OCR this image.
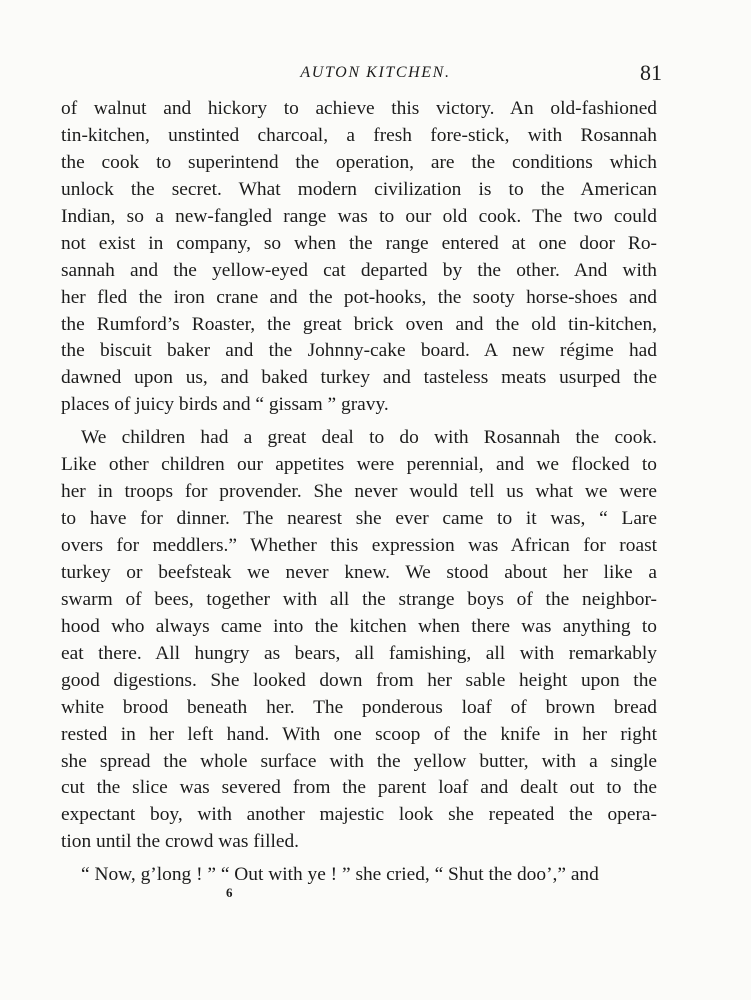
AUTON KITCHEN.	81
of walnut and hickory to achieve this victory. An old-fashioned
tin-kitchen, unstinted charcoal, a fresh fore-stick, with Rosannah
the cook to superintend the operation, are the conditions which
unlock the secret. What modern civilization is to the American
Indian, so a new-fangled range was to our old cook. The two could
not exist in company, so when the range entered at one door Ro-
sannah and the yellow-eyed cat departed by the other. And with
her fled the iron crane and the pot-hooks, the sooty horse-shoes and
the Rumford’s Roaster, the great brick oven and the old tin-kitchen,
the biscuit baker and the Johnny-cake board. A new régime had
dawned upon us, and baked turkey and tasteless meats usurped the
places of juicy birds and “ gissam ” gravy.
We children had a great deal to do with Rosannah the cook.
Like other children our appetites were perennial, and we flocked to
her in troops for provender. She never would tell us what we were
to have for dinner. The nearest she ever came to it was, “ Lare
overs for meddlers.” Whether this expression was African for roast
turkey or beefsteak we never knew. We stood about her like a
swarm of bees, together with all the strange boys of the neighbor-
hood who always came into the kitchen when there was anything to
eat there. All hungry as bears, all famishing, all with remarkably
good digestions. She looked down from her sable height upon the
white brood beneath her. The ponderous loaf of brown bread
rested in her left hand. With one scoop of the knife in her right
she spread the whole surface with the yellow butter, with a single
cut the slice was severed from the parent loaf and dealt out to the
expectant boy, with another majestic look she repeated the opera-
tion until the crowd was filled.
“ Now, g’long ! ” “ Out with ye ! ” she cried, “ Shut the doo’,” and
6
